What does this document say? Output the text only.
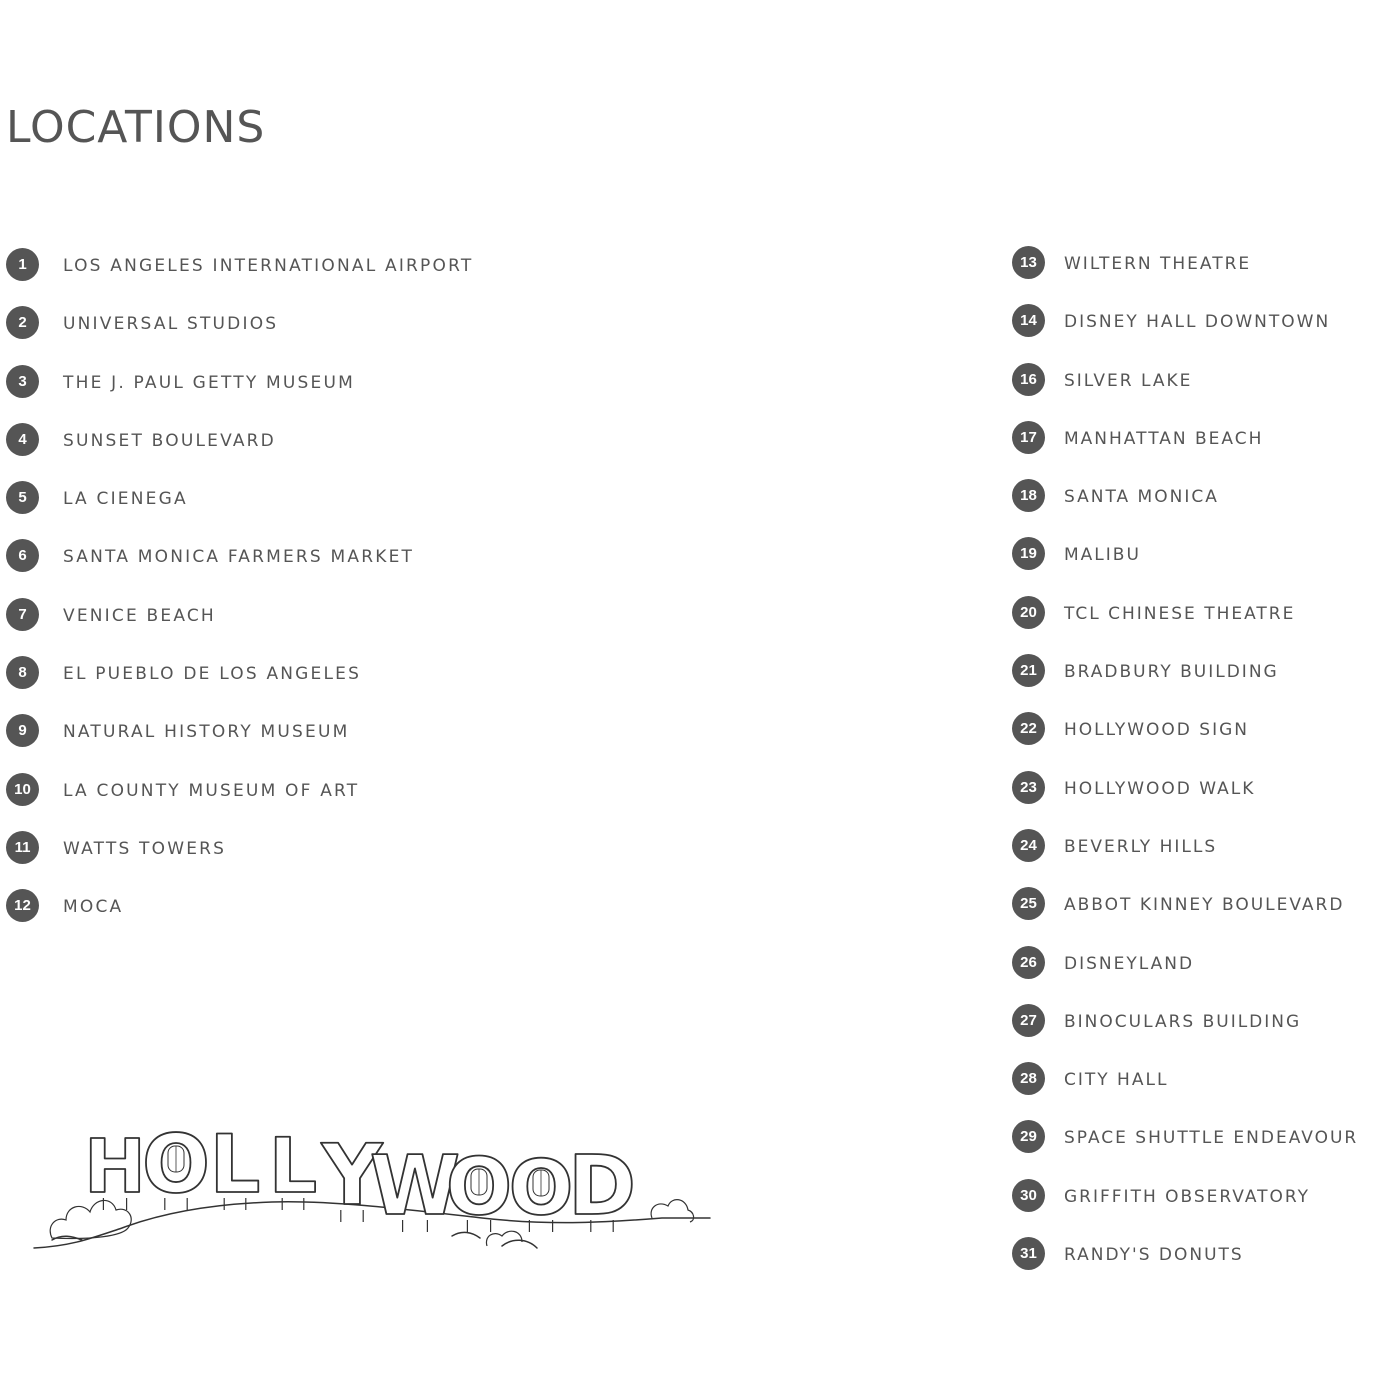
LOCATIONS
1	LOS ANGELES INTERNATIONAL AIRPORT
2	UNIVERSAL STUDIOS
3	THE J. PAUL GETTY MUSEUM
4	SUNSET BOULEVARD
5	LA CIENEGA
6	SANTA MONICA FARMERS MARKET
7	VENICE BEACH
8	EL PUEBLO DE LOS ANGELES
9	NATURAL HISTORY MUSEUM
10	LA COUNTY MUSEUM OF ART
11	WATTS TOWERS
12	MOCA
13	WILTERN THEATRE
14	DISNEY HALL DOWNTOWN
16	SILVER LAKE
17	MANHATTAN BEACH
18	SANTA MONICA
19	MALIBU
20	TCL CHINESE THEATRE
21	BRADBURY BUILDING
22	HOLLYWOOD SIGN
23	HOLLYWOOD WALK
24	BEVERLY HILLS
25	ABBOT KINNEY BOULEVARD
26	DISNEYLAND
27	BINOCULARS BUILDING
28	CITY HALL
29	SPACE SHUTTLE ENDEAVOUR
30	GRIFFITH OBSERVATORY
31	RANDY'S DONUTS
H
O L L Y
W
O
O
D
